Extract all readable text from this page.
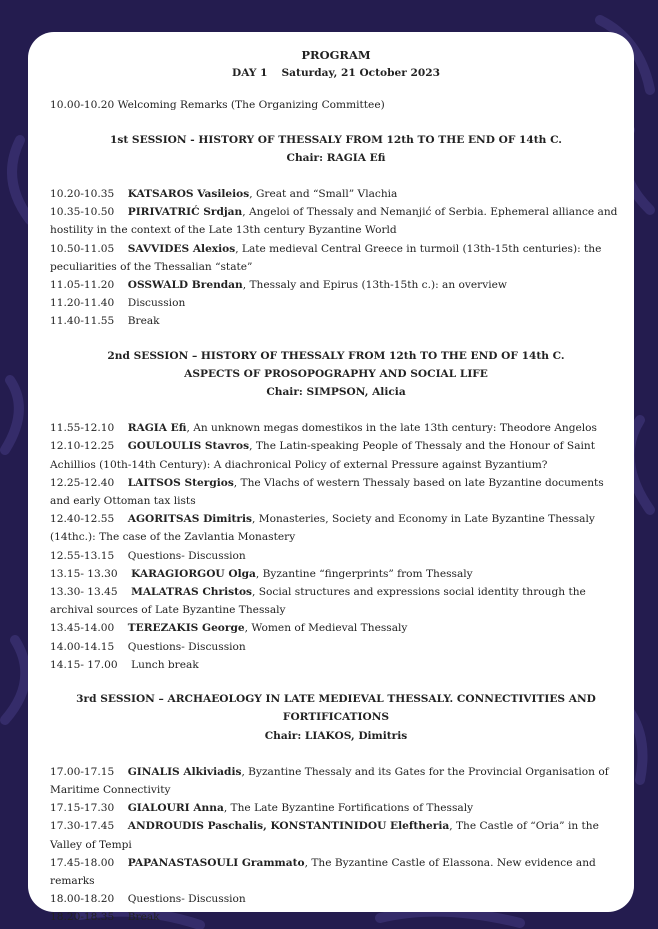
PROGRAM

DAY 1 Saturday, 21 October 2023

10.00-10.20 Welcoming Remarks (The Organizing Committee)

1st SESSION - HISTORY OF THESSALY FROM 12th TO THE END OF 14th C.

Chair: RAGIA Efi

10.20-10.35 KATSAROS Vasileios, Great and “Small” Vlachia

10.35-10.50 PIRIVATRIĆ Srdjan, Angeloi of Thessaly and Nemanjić of Serbia. Ephemeral alliance and hostility in the context of the Late 13th century Byzantine World

10.50-11.05 SAVVIDES Alexios, Late medieval Central Greece in turmoil (13th-15th centuries): the peculiarities of the Thessalian “state”

11.05-11.20 OSSWALD Brendan, Thessaly and Epirus (13th-15th c.): an overview

11.20-11.40 Discussion

11.40-11.55 Break

2nd SESSION – HISTORY OF THESSALY FROM 12th TO THE END OF 14th C.

ASPECTS OF PROSOPOGRAPHY AND SOCIAL LIFE

Chair: SIMPSON, Alicia

11.55-12.10 RAGIA Efi, An unknown megas domestikos in the late 13th century: Theodore Angelos

12.10-12.25 GOULOULIS Stavros, The Latin-speaking People of Thessaly and the Honour of Saint Achillios (10th-14th Century): A diachronical Policy of external Pressure against Byzantium?

12.25-12.40 LAITSOS Stergios, The Vlachs of western Thessaly based on late Byzantine documents and early Ottoman tax lists

12.40-12.55 AGORITSAS Dimitris, Monasteries, Society and Economy in Late Byzantine Thessaly (14thc.): The case of the Zavlantia Monastery

12.55-13.15 Questions- Discussion

13.15- 13.30 KARAGIORGOU Olga, Byzantine “fingerprints” from Thessaly

13.30- 13.45 MALATRAS Christos, Social structures and expressions social identity through the archival sources of Late Byzantine Thessaly

13.45-14.00 TEREZAKIS George, Women of Medieval Thessaly

14.00-14.15 Questions- Discussion

14.15- 17.00 Lunch break

3rd SESSION – ARCHAEOLOGY IN LATE MEDIEVAL THESSALY. CONNECTIVITIES AND FORTIFICATIONS

Chair: LIAKOS, Dimitris

17.00-17.15 GINALIS Alkiviadis, Byzantine Thessaly and its Gates for the Provincial Organisation of Maritime Connectivity

17.15-17.30 GIALOURI Anna, The Late Byzantine Fortifications of Thessaly

17.30-17.45 ANDROUDIS Paschalis, KONSTANTINIDOU Eleftheria, The Castle of “Oria” in the Valley of Tempi

17.45-18.00 PAPANASTASOULI Grammato, The Byzantine Castle of Elassona. New evidence and remarks

18.00-18.20 Questions- Discussion

18.20-18.35 Break
